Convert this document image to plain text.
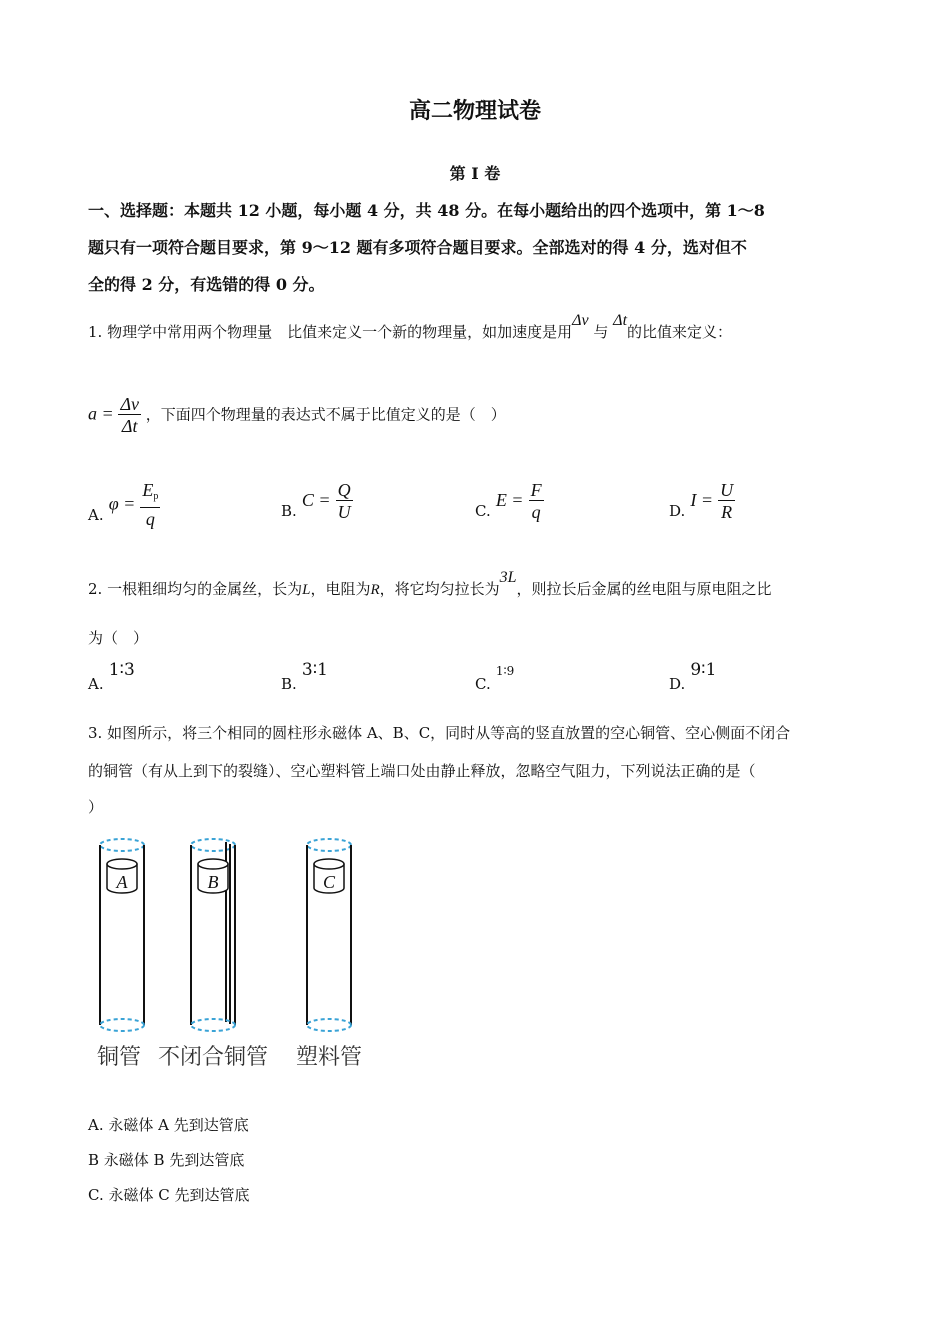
高二物理试卷
第 I 卷
一、选择题：本题共 12 小题，每小题 4 分，共 48 分。在每小题给出的四个选项中，第 1～8
题只有一项符合题目要求，第 9～12 题有多项符合题目要求。全部选对的得 4 分，选对但不
全的得 2 分，有选错的得 0 分。
1. 物理学中常用两个物理量　比值来定义一个新的物理量，如加速度是用Δv 与 Δt的比值来定义：
$a = \frac{\Delta v}{\Delta t}$ ，下面四个物理量的表达式不属于比值定义的是（　）
A. $\varphi = \frac{E_p}{q}$	B. $C = \frac{Q}{U}$	C. $E = \frac{F}{q}$	D. $I = \frac{U}{R}$
2. 一根粗细均匀的金属丝，长为L，电阻为R，将它均匀拉长为3L，则拉长后金属的丝电阻与原电阻之比
为（　）
A. 1∶3
B. 3∶1
C. 1∶9
D. 9∶1
3. 如图所示，将三个相同的圆柱形永磁体 A、B、C，同时从等高的竖直放置的空心铜管、空心侧面不闭合
的铜管（有从上到下的裂缝）、空心塑料管上端口处由静止释放，忽略空气阻力，下列说法正确的是（
）
A	B	C
铜管 不闭合铜管 塑料管
A. 永磁体 A 先到达管底
B 永磁体 B 先到达管底
C. 永磁体 C 先到达管底
